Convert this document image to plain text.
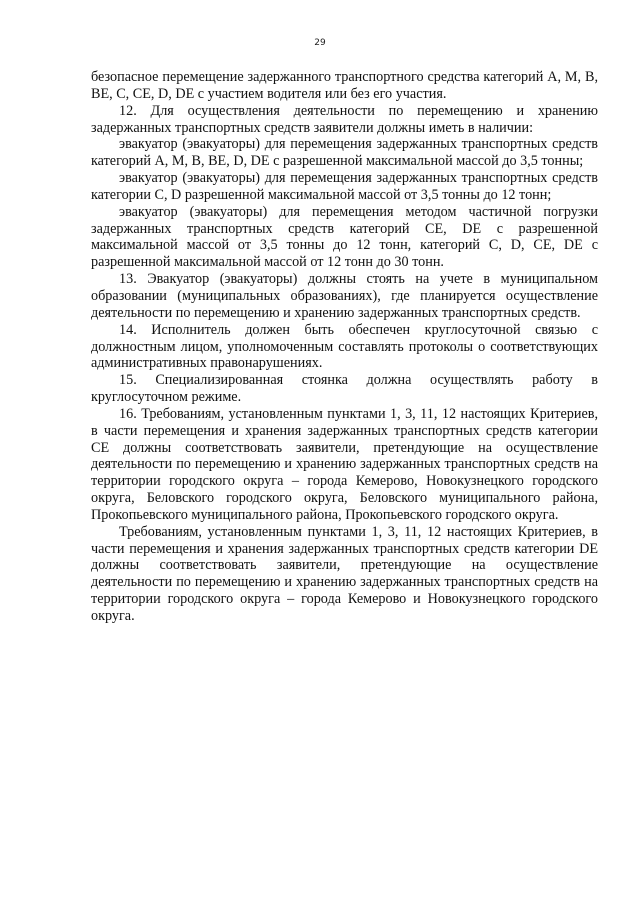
29

безопасное перемещение задержанного транспортного средства категорий А, М, В, ВЕ, С, СЕ, D, DE с участием водителя или без его участия.

12. Для осуществления деятельности по перемещению и хранению задержанных транспортных средств заявители должны иметь в наличии:

эвакуатор (эвакуаторы) для перемещения задержанных транспортных средств категорий А, М, В, ВЕ, D, DE с разрешенной максимальной массой до 3,5 тонны;

эвакуатор (эвакуаторы) для перемещения задержанных транспортных средств категории С, D разрешенной максимальной массой от 3,5 тонны до 12 тонн;

эвакуатор (эвакуаторы) для перемещения методом частичной погрузки задержанных транспортных средств категорий СЕ, DE с разрешенной максимальной массой от 3,5 тонны до 12 тонн, категорий С, D, СЕ, DE с разрешенной максимальной массой от 12 тонн до 30 тонн.

13. Эвакуатор (эвакуаторы) должны стоять на учете в муниципальном образовании (муниципальных образованиях), где планируется осуществление деятельности по перемещению и хранению задержанных транспортных средств.

14. Исполнитель должен быть обеспечен круглосуточной связью с должностным лицом, уполномоченным составлять протоколы о соответствующих административных правонарушениях.

15. Специализированная стоянка должна осуществлять работу в круглосуточном режиме.

16. Требованиям, установленным пунктами 1, 3, 11, 12 настоящих Критериев, в части перемещения и хранения задержанных транспортных средств категории СЕ должны соответствовать заявители, претендующие на осуществление деятельности по перемещению и хранению задержанных транспортных средств на территории городского округа – города Кемерово, Новокузнецкого городского округа, Беловского городского округа, Беловского муниципального района, Прокопьевского муниципального района, Прокопьевского городского округа.

Требованиям, установленным пунктами 1, 3, 11, 12 настоящих Критериев, в части перемещения и хранения задержанных транспортных средств категории DE должны соответствовать заявители, претендующие на осуществление деятельности по перемещению и хранению задержанных транспортных средств на территории городского округа – города Кемерово и Новокузнецкого городского округа.
